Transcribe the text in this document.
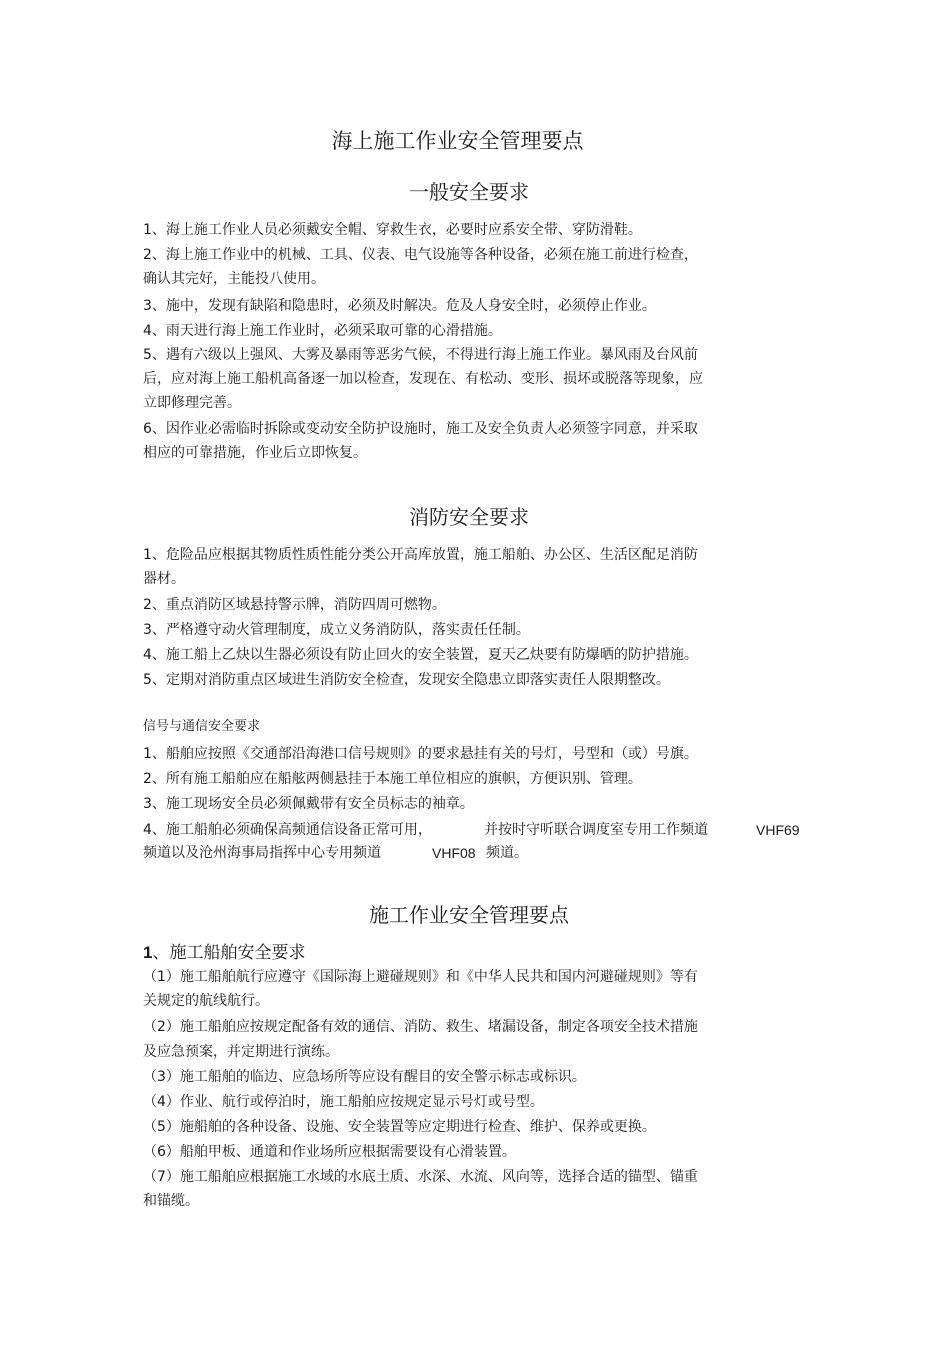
海上施工作业安全管理要点
一般安全要求
1、海上施工作业人员必须戴安全帽、穿救生衣，必要时应系安全带、穿防滑鞋。
2、海上施工作业中的机械、工具、仪表、电气设施等各种设备，必须在施工前进行检查，
确认其完好，主能投八使用。
3、施中，发现有缺陷和隐患时，必须及时解决。危及人身安全时，必须停止作业。
4、雨天进行海上施工作业时，必须采取可靠的心滑措施。
5、遇有六级以上强风、大雾及暴雨等恶劣气候，不得进行海上施工作业。暴风雨及台风前
后，应对海上施工船机高备逐一加以检查，发现在、有松动、变形、损坏或脱落等现象，应
立即修理完善。
6、因作业必需临时拆除或变动安全防护设施时，施工及安全负责人必须签字同意，并采取
相应的可靠措施，作业后立即恢复。
消防安全要求
1、危险品应根据其物质性质性能分类公开高库放置，施工船舶、办公区、生活区配足消防
器材。
2、重点消防区域悬持警示牌，消防四周可燃物。
3、严格遵守动火管理制度，成立义务消防队，落实责任任制。
4、施工船上乙炔以生器必须设有防止回火的安全装置，夏天乙炔要有防爆晒的防护措施。
5、定期对消防重点区域进生消防安全检查，发现安全隐患立即落实责任人限期整改。
信号与通信安全要求
1、船舶应按照《交通部沿海港口信号规则》的要求悬挂有关的号灯，号型和（或）号旗。
2、所有施工船舶应在船舷两侧悬挂于本施工单位相应的旗帜，方便识别、管理。
3、施工现场安全员必须佩戴带有安全员标志的袖章。
4、施工船舶必须确保高频通信设备正常可用，	并按时守听联合调度室专用工作频道	VHF69
频道以及沧州海事局指挥中心专用频道	VHF08 频道。
施工作业安全管理要点
1、施工船舶安全要求
（1）施工船舶航行应遵守《国际海上避碰规则》和《中华人民共和国内河避碰规则》等有
关规定的航线航行。
（2）施工船舶应按规定配备有效的通信、消防、救生、堵漏设备，制定各项安全技术措施
及应急预案，并定期进行演练。
（3）施工船舶的临边、应急场所等应设有醒目的安全警示标志或标识。
（4）作业、航行或停泊时，施工船舶应按规定显示号灯或号型。
（5）施船舶的各种设备、设施、安全装置等应定期进行检查、维护、保养或更换。
（6）船舶甲板、通道和作业场所应根据需要设有心滑装置。
（7）施工船舶应根据施工水域的水底土质、水深、水流、风向等，选择合适的锚型、锚重
和锚缆。
